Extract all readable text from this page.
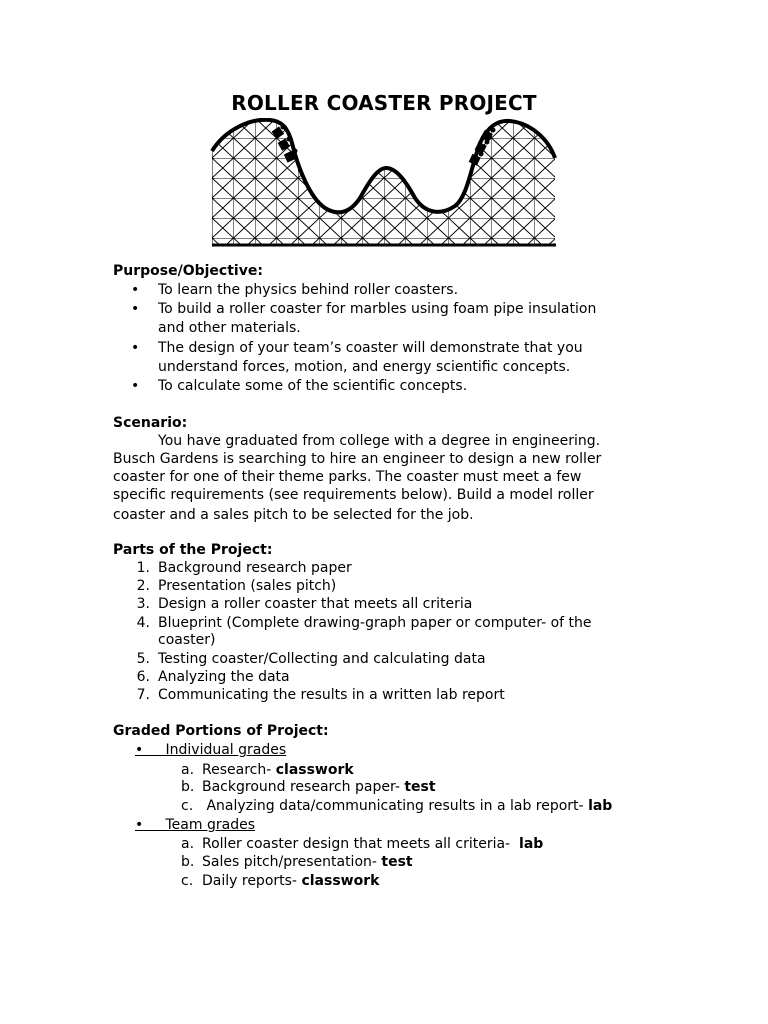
ROLLER COASTER PROJECT
Purpose/Objective:
• To learn the physics behind roller coasters.
• To build a roller coaster for marbles using foam pipe insulation
and other materials.
• The design of your team’s coaster will demonstrate that you
understand forces, motion, and energy scientific concepts.
• To calculate some of the scientific concepts.
Scenario:
You have graduated from college with a degree in engineering.
Busch Gardens is searching to hire an engineer to design a new roller
coaster for one of their theme parks. The coaster must meet a few
specific requirements (see requirements below). Build a model roller
coaster and a sales pitch to be selected for the job.
Parts of the Project:
1. Background research paper
2. Presentation (sales pitch)
3. Design a roller coaster that meets all criteria
4. Blueprint (Complete drawing-graph paper or computer- of the
coaster)
5. Testing coaster/Collecting and calculating data
6. Analyzing the data
7. Communicating the results in a written lab report
Graded Portions of Project:
•     Individual grades
a. Research- classwork
b. Background research paper- test
c. Analyzing data/communicating results in a lab report- lab
•     Team grades
a. Roller coaster design that meets all criteria-  lab
b. Sales pitch/presentation- test
c. Daily reports- classwork
